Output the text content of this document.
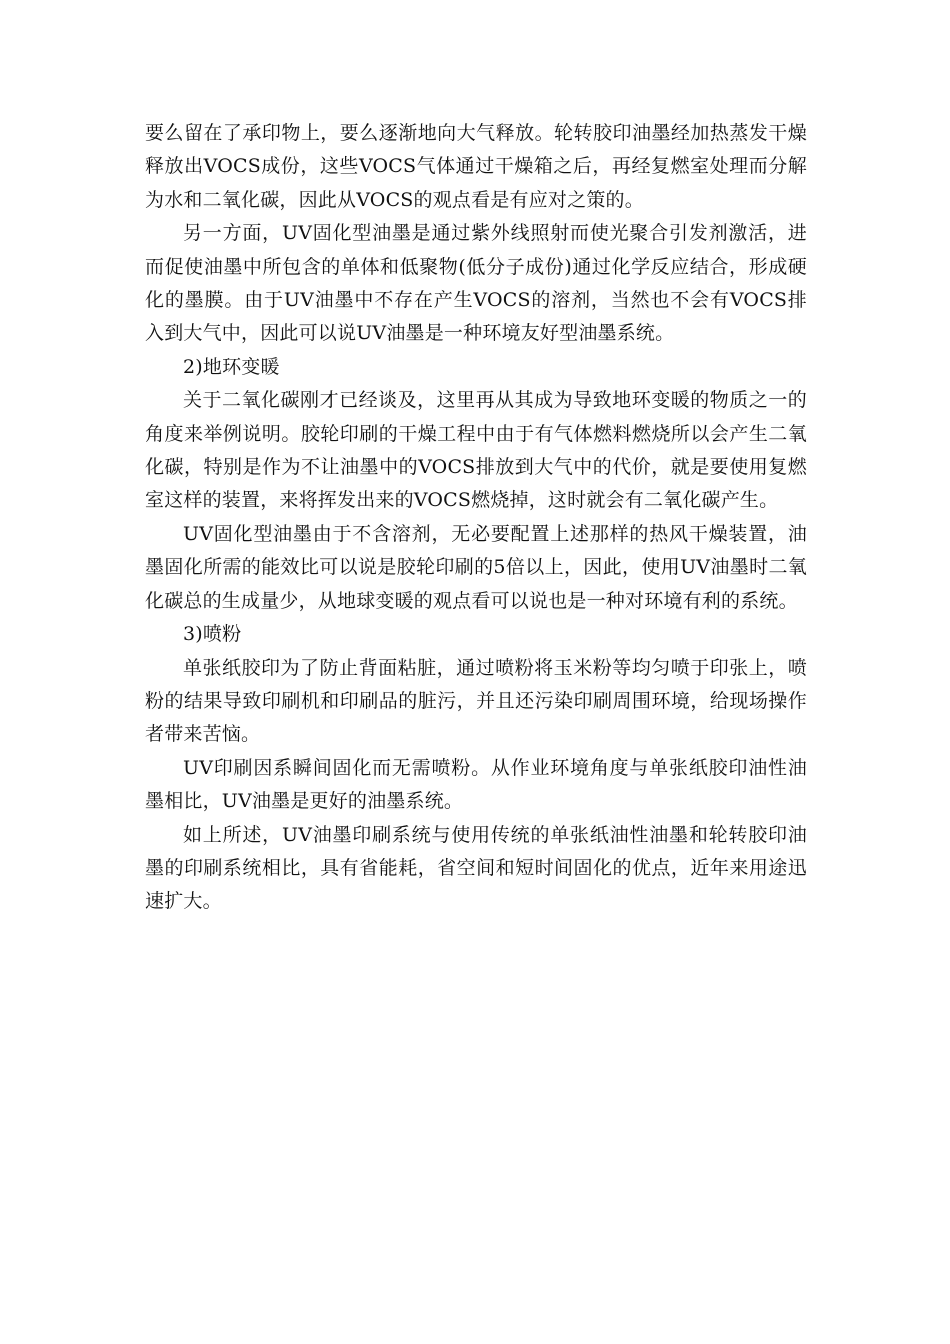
要么留在了承印物上，要么逐渐地向大气释放。轮转胶印油墨经加热蒸发干燥释放出VOCS成份，这些VOCS气体通过干燥箱之后，再经复燃室处理而分解为水和二氧化碳，因此从VOCS的观点看是有应对之策的。

另一方面，UV固化型油墨是通过紫外线照射而使光聚合引发剂激活，进而促使油墨中所包含的单体和低聚物(低分子成份)通过化学反应结合，形成硬化的墨膜。由于UV油墨中不存在产生VOCS的溶剂，当然也不会有VOCS排入到大气中，因此可以说UV油墨是一种环境友好型油墨系统。

2)地环变暖

关于二氧化碳刚才已经谈及，这里再从其成为导致地环变暖的物质之一的角度来举例说明。胶轮印刷的干燥工程中由于有气体燃料燃烧所以会产生二氧化碳，特别是作为不让油墨中的VOCS排放到大气中的代价，就是要使用复燃室这样的装置，来将挥发出来的VOCS燃烧掉，这时就会有二氧化碳产生。

UV固化型油墨由于不含溶剂，无必要配置上述那样的热风干燥装置，油墨固化所需的能效比可以说是胶轮印刷的5倍以上，因此，使用UV油墨时二氧化碳总的生成量少，从地球变暖的观点看可以说也是一种对环境有利的系统。

3)喷粉

单张纸胶印为了防止背面粘脏，通过喷粉将玉米粉等均匀喷于印张上，喷粉的结果导致印刷机和印刷品的脏污，并且还污染印刷周围环境，给现场操作者带来苦恼。

UV印刷因系瞬间固化而无需喷粉。从作业环境角度与单张纸胶印油性油墨相比，UV油墨是更好的油墨系统。

如上所述，UV油墨印刷系统与使用传统的单张纸油性油墨和轮转胶印油墨的印刷系统相比，具有省能耗，省空间和短时间固化的优点，近年来用途迅速扩大。
